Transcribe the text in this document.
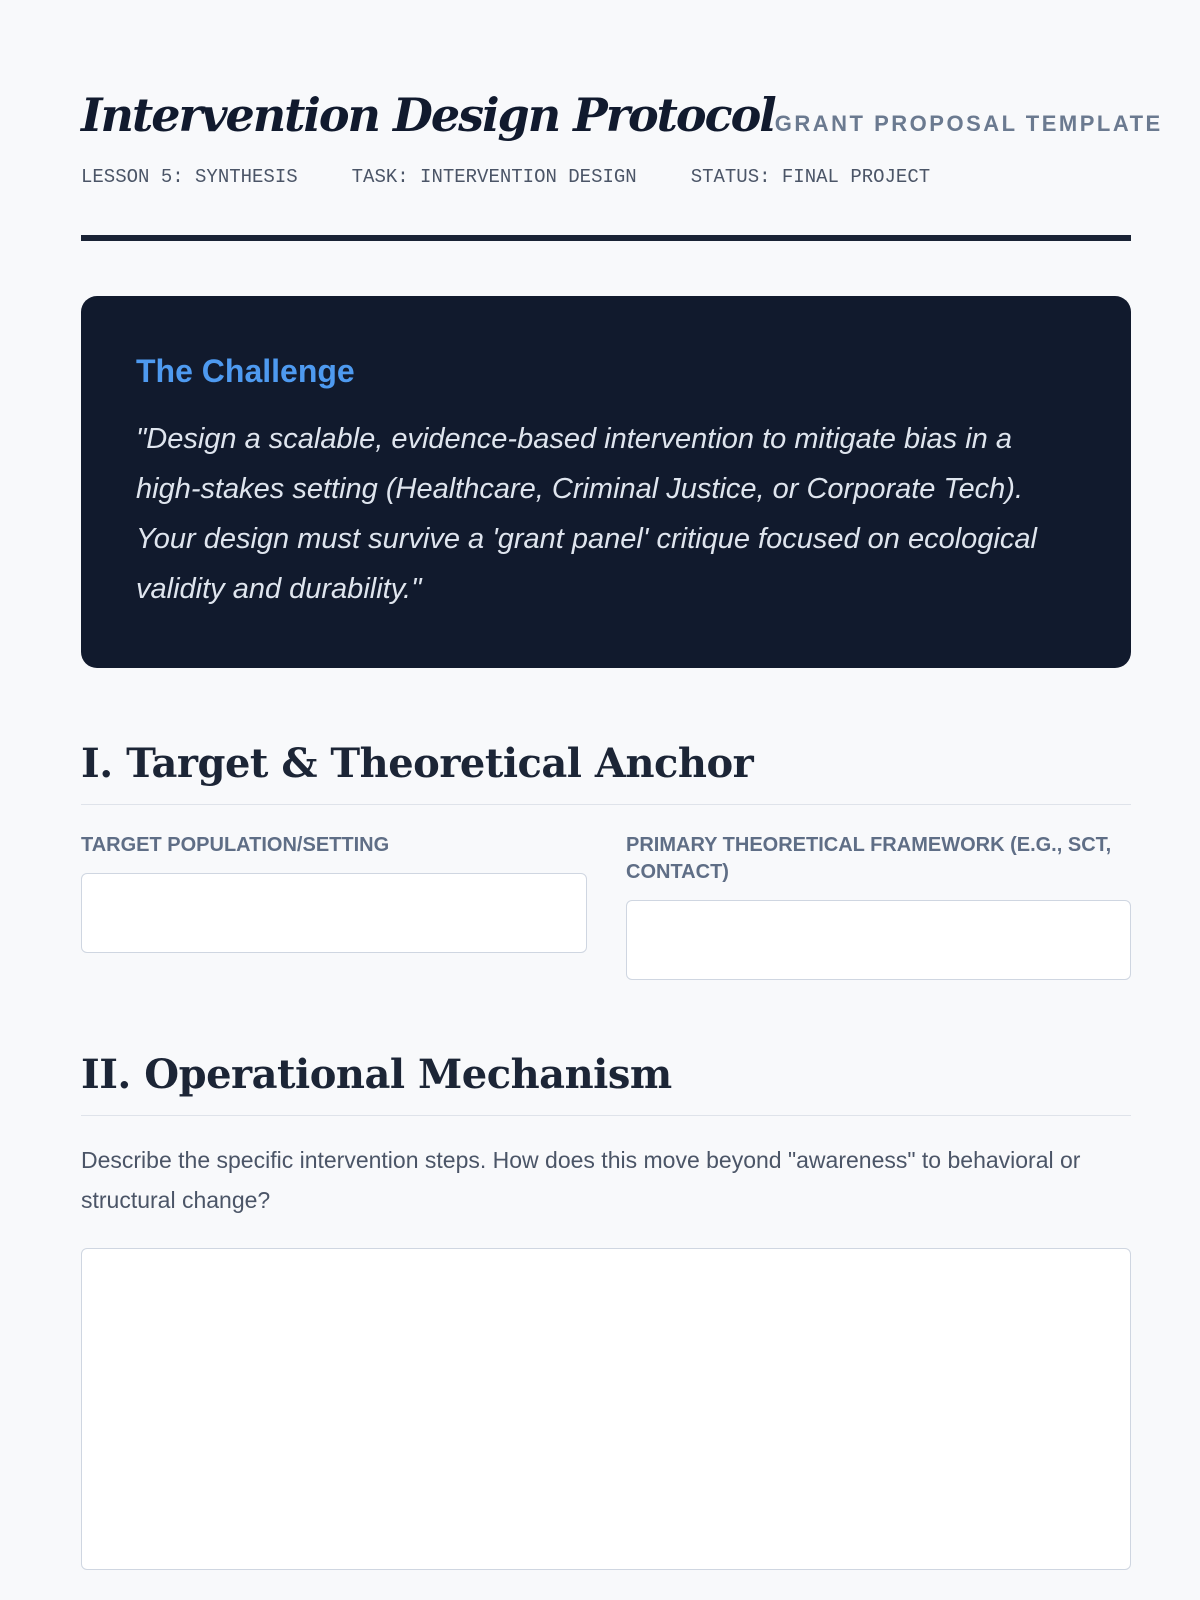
Intervention Design Protocol GRANT PROPOSAL TEMPLATE
LESSON 5: SYNTHESIS	TASK: INTERVENTION DESIGN	STATUS: FINAL PROJECT
The Challenge

"Design a scalable, evidence-based intervention to mitigate bias in a high-stakes setting (Healthcare, Criminal Justice, or Corporate Tech). Your design must survive a 'grant panel' critique focused on ecological validity and durability."

I. Target & Theoretical Anchor
TARGET POPULATION/SETTING	PRIMARY THEORETICAL FRAMEWORK (E.G., SCT, CONTACT)
II. Operational Mechanism

Describe the specific intervention steps. How does this move beyond "awareness" to behavioral or structural change?
